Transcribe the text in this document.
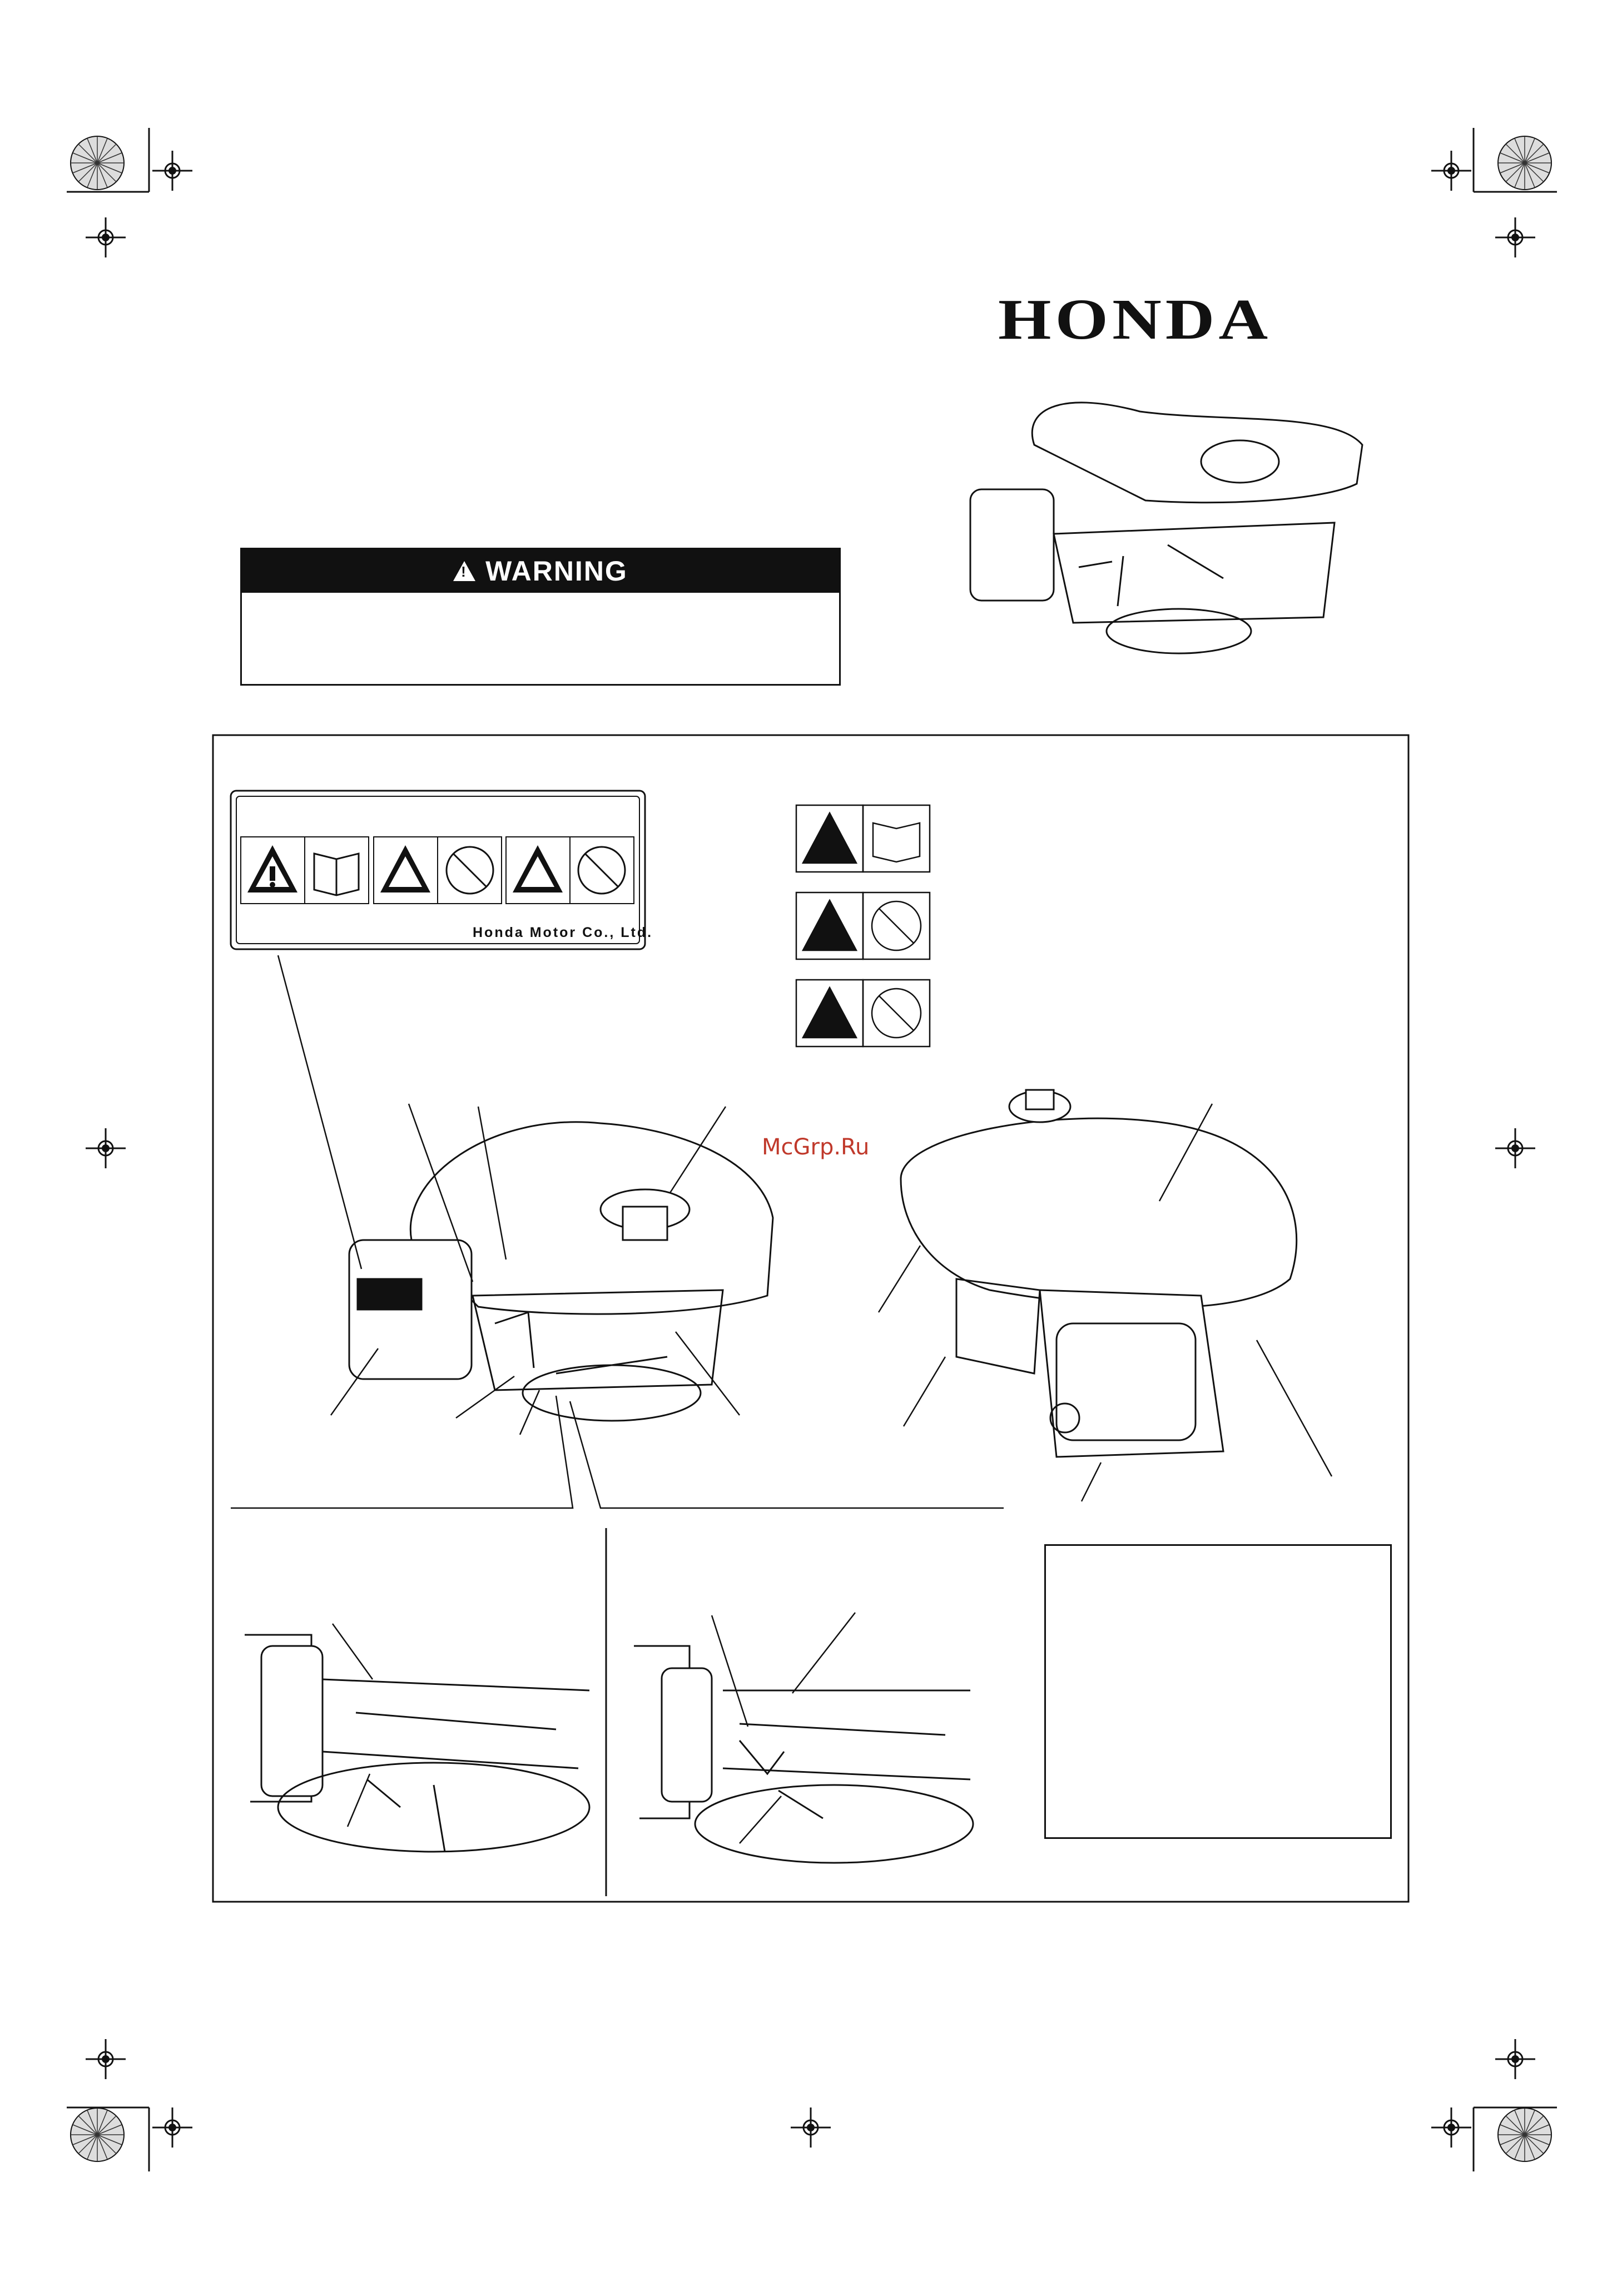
HONDA
!
WARNING
Honda Motor Co., Ltd.
McGrp.Ru
